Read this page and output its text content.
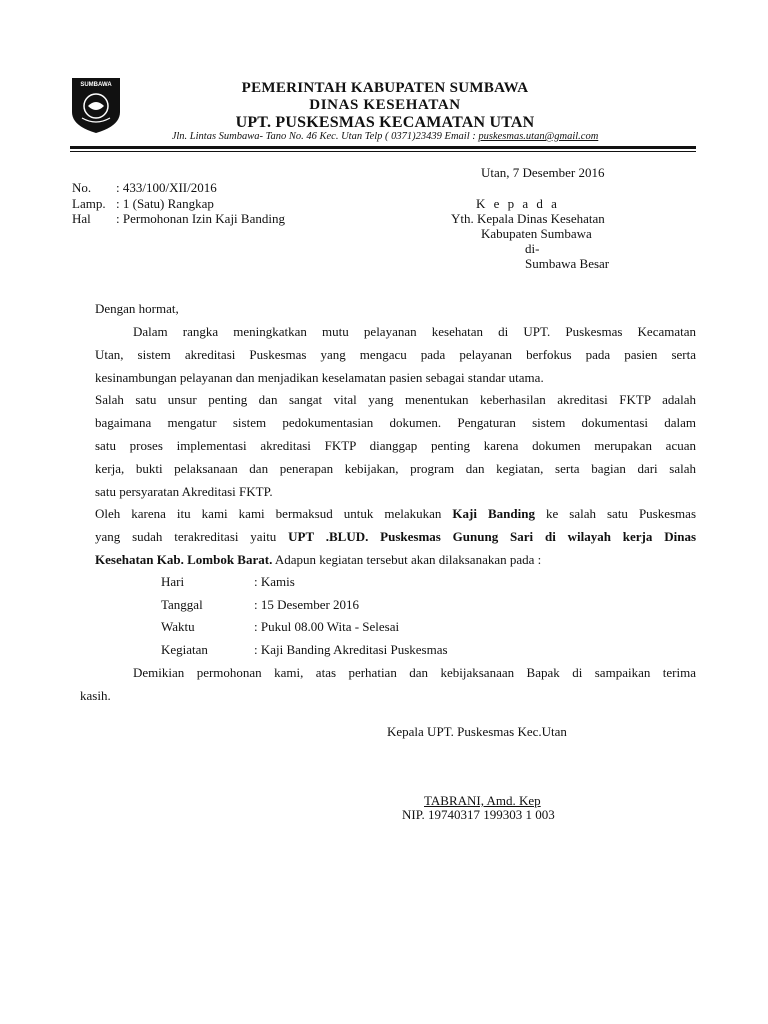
SUMBAWA	PEMERINTAH KABUPATEN SUMBAWA
DINAS KESEHATAN
UPT. PUSKESMAS KECAMATAN UTAN
Jln. Lintas Sumbawa- Tano No. 46 Kec. Utan Telp ( 0371)23439 Email : puskesmas.utan@gmail.com
Utan, 7 Desember 2016
No. : 433/100/XII/2016
Lamp. : 1 (Satu) Rangkap
Hal : Permohonan Izin Kaji Banding
K e p a d a
Yth. Kepala Dinas Kesehatan
Kabupaten Sumbawa
di-
Sumbawa Besar
Dengan hormat,
Dalam rangka meningkatkan mutu pelayanan kesehatan di UPT. Puskesmas Kecamatan
Utan, sistem akreditasi Puskesmas yang mengacu pada pelayanan berfokus pada pasien serta
kesinambungan pelayanan dan menjadikan keselamatan pasien sebagai standar utama.
Salah satu unsur penting dan sangat vital yang menentukan keberhasilan akreditasi FKTP adalah
bagaimana mengatur sistem pedokumentasian dokumen. Pengaturan sistem dokumentasi dalam
satu proses implementasi akreditasi FKTP dianggap penting karena dokumen merupakan acuan
kerja, bukti pelaksanaan dan penerapan kebijakan, program dan kegiatan, serta bagian dari salah
satu persyaratan Akreditasi FKTP.
Oleh karena itu kami kami bermaksud untuk melakukan Kaji Banding ke salah satu Puskesmas
yang sudah terakreditasi yaitu UPT .BLUD. Puskesmas Gunung Sari di wilayah kerja Dinas
Kesehatan Kab. Lombok Barat. Adapun kegiatan tersebut akan dilaksanakan pada :
Hari	: Kamis
Tanggal	: 15 Desember 2016
Waktu	: Pukul 08.00 Wita - Selesai
Kegiatan	: Kaji Banding Akreditasi Puskesmas
Demikian permohonan kami, atas perhatian dan kebijaksanaan Bapak di sampaikan terima
kasih.
Kepala UPT. Puskesmas Kec.Utan
TABRANI, Amd. Kep
NIP. 19740317 199303 1 003
